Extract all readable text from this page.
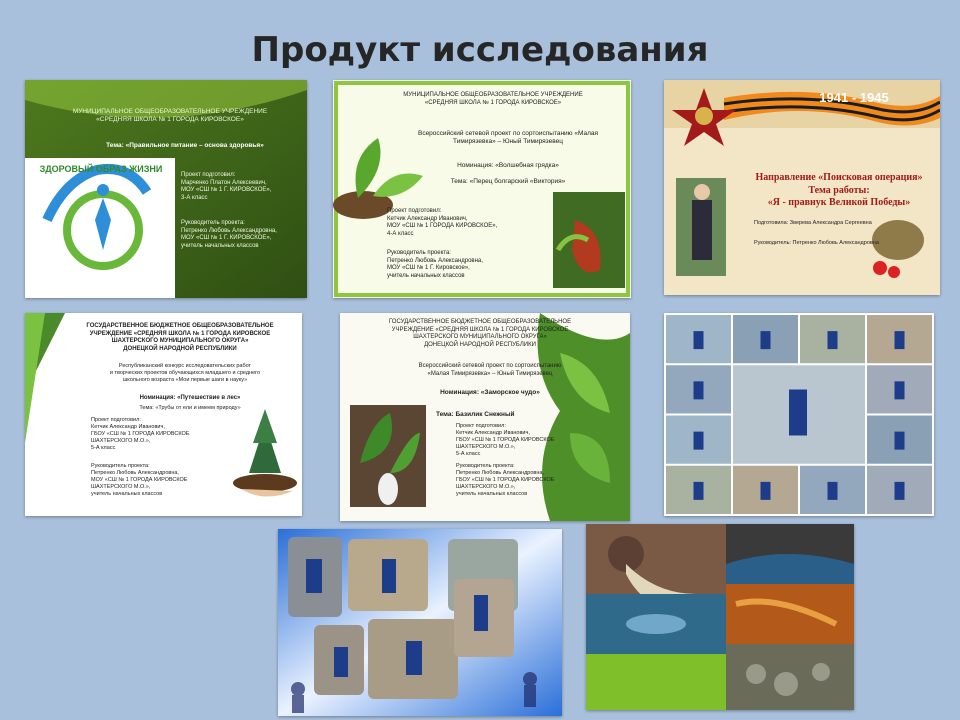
Продукт исследования
МУНИЦИПАЛЬНОЕ ОБЩЕОБРАЗОВАТЕЛЬНОЕ УЧРЕЖДЕНИЕ
«СРЕДНЯЯ ШКОЛА № 1 ГОРОДА КИРОВСКОЕ»
Тема: «Правильное питание – основа здоровья»
Проект подготовил:
Марченко Платон Алексеевич,
МОУ «СШ № 1 Г. КИРОВСКОЕ»,
3-А класс
Руководитель проекта:
Петренко Любовь Александровна,
МОУ «СШ № 1 Г. КИРОВСКОЕ»,
учитель начальных классов
ЗДОРОВЫЙ ОБРАЗ ЖИЗНИ
МУНИЦИПАЛЬНОЕ ОБЩЕОБРАЗОВАТЕЛЬНОЕ УЧРЕЖДЕНИЕ
«СРЕДНЯЯ ШКОЛА № 1 ГОРОДА КИРОВСКОЕ»
Всероссийский сетевой проект по сортоиспытанию «Малая
Тимирязевка» – Юный Тимирязевец
Номинация: «Волшебная грядка»
Тема: «Перец болгарский «Виктория»
Проект подготовил:
Кетчик Александр Иванович,
МОУ «СШ № 1 ГОРОДА КИРОВСКОЕ»,
4-А класс
Руководитель проекта:
Петренко Любовь Александровна,
МОУ «СШ № 1 Г. Кировское»,
учитель начальных классов
1941 - 1945
Направление «Поисковая операция»
Тема работы:
«Я - правнук Великой Победы»
Подготовила: Зверева Александра Сергеевна
Руководитель: Петренко Любовь Александровна
ГОСУДАРСТВЕННОЕ БЮДЖЕТНОЕ ОБЩЕОБРАЗОВАТЕЛЬНОЕ
УЧРЕЖДЕНИЕ «СРЕДНЯЯ ШКОЛА № 1 ГОРОДА КИРОВСКОЕ
ШАХТЕРСКОГО МУНИЦИПАЛЬНОГО ОКРУГА»
ДОНЕЦКОЙ НАРОДНОЙ РЕСПУБЛИКИ
Республиканский конкурс исследовательских работ
и творческих проектов обучающихся младшего и среднего
школьного возраста «Мои первые шаги в науку»
Номинация: «Путешествие в лес»
Тема: «Трубы от ели и имеем природу»
Проект подготовил:
Кетчик Александр Иванович,
ГБОУ «СШ № 1 ГОРОДА КИРОВСКОЕ
ШАХТЕРСКОГО М.О.»,
5-А класс
Руководитель проекта:
Петренко Любовь Александровна,
МОУ «СШ № 1 ГОРОДА КИРОВСКОЕ
ШАХТЕРСКОГО М.О.»,
учитель начальных классов
ГОСУДАРСТВЕННОЕ БЮДЖЕТНОЕ ОБЩЕОБРАЗОВАТЕЛЬНОЕ
УЧРЕЖДЕНИЕ «СРЕДНЯЯ ШКОЛА № 1 ГОРОДА КИРОВСКОЕ
ШАХТЕРСКОГО МУНИЦИПАЛЬНОГО ОКРУГА»
ДОНЕЦКОЙ НАРОДНОЙ РЕСПУБЛИКИ
Всероссийский сетевой проект по сортоиспытанию
«Малая Тимирязевка» – Юный Тимирязевец
Номинация: «Заморское чудо»
Тема: Базилик Снежный
Проект подготовил:
Кетчик Александр Иванович,
ГБОУ «СШ № 1 ГОРОДА КИРОВСКОЕ
ШАХТЕРСКОГО М.О.»,
5-А класс
Руководитель проекта:
Петренко Любовь Александровна,
ГБОУ «СШ № 1 ГОРОДА КИРОВСКОЕ
ШАХТЕРСКОГО М.О.»,
учитель начальных классов
